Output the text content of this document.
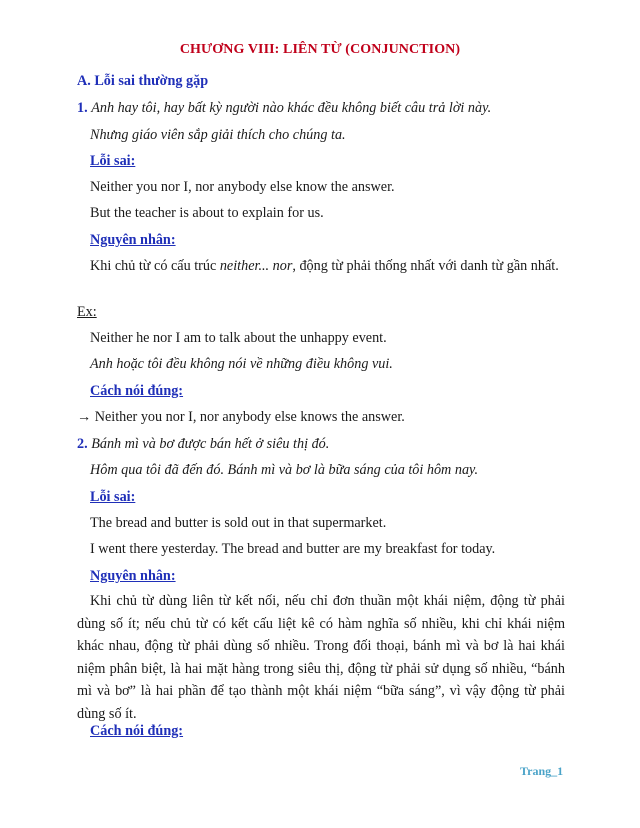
CHƯƠNG VIII: LIÊN TỪ (CONJUNCTION)
A. Lỗi sai thường gặp
1. Anh hay tôi, hay bất kỳ người nào khác đều không biết câu trả lời này.
Nhưng giáo viên sắp giải thích cho chúng ta.
Lỗi sai:
Neither you nor I, nor anybody else know the answer.
But the teacher is about to explain for us.
Nguyên nhân:
Khi chủ từ có cấu trúc neither... nor, động từ phải thống nhất với danh từ gần nhất.
Ex:
Neither he nor I am to talk about the unhappy event.
Anh hoặc tôi đều không nói về những điều không vui.
Cách nói đúng:
→ Neither you nor I, nor anybody else knows the answer.
2. Bánh mì và bơ được bán hết ở siêu thị đó.
Hôm qua tôi đã đến đó. Bánh mì và bơ là bữa sáng của tôi hôm nay.
Lỗi sai:
The bread and butter is sold out in that supermarket.
I went there yesterday. The bread and butter are my breakfast for today.
Nguyên nhân:
Khi chủ từ dùng liên từ kết nối, nếu chỉ đơn thuần một khái niệm, động từ phải dùng số ít; nếu chủ từ có kết cấu liệt kê có hàm nghĩa số nhiều, khi chỉ khái niệm khác nhau, động từ phải dùng số nhiều. Trong đối thoại, bánh mì và bơ là hai khái niệm phân biệt, là hai mặt hàng trong siêu thị, động từ phải sử dụng số nhiều, “bánh mì và bơ” là hai phần để tạo thành một khái niệm “bữa sáng”, vì vậy động từ phải dùng số ít.
Cách nói đúng:
Trang_1
